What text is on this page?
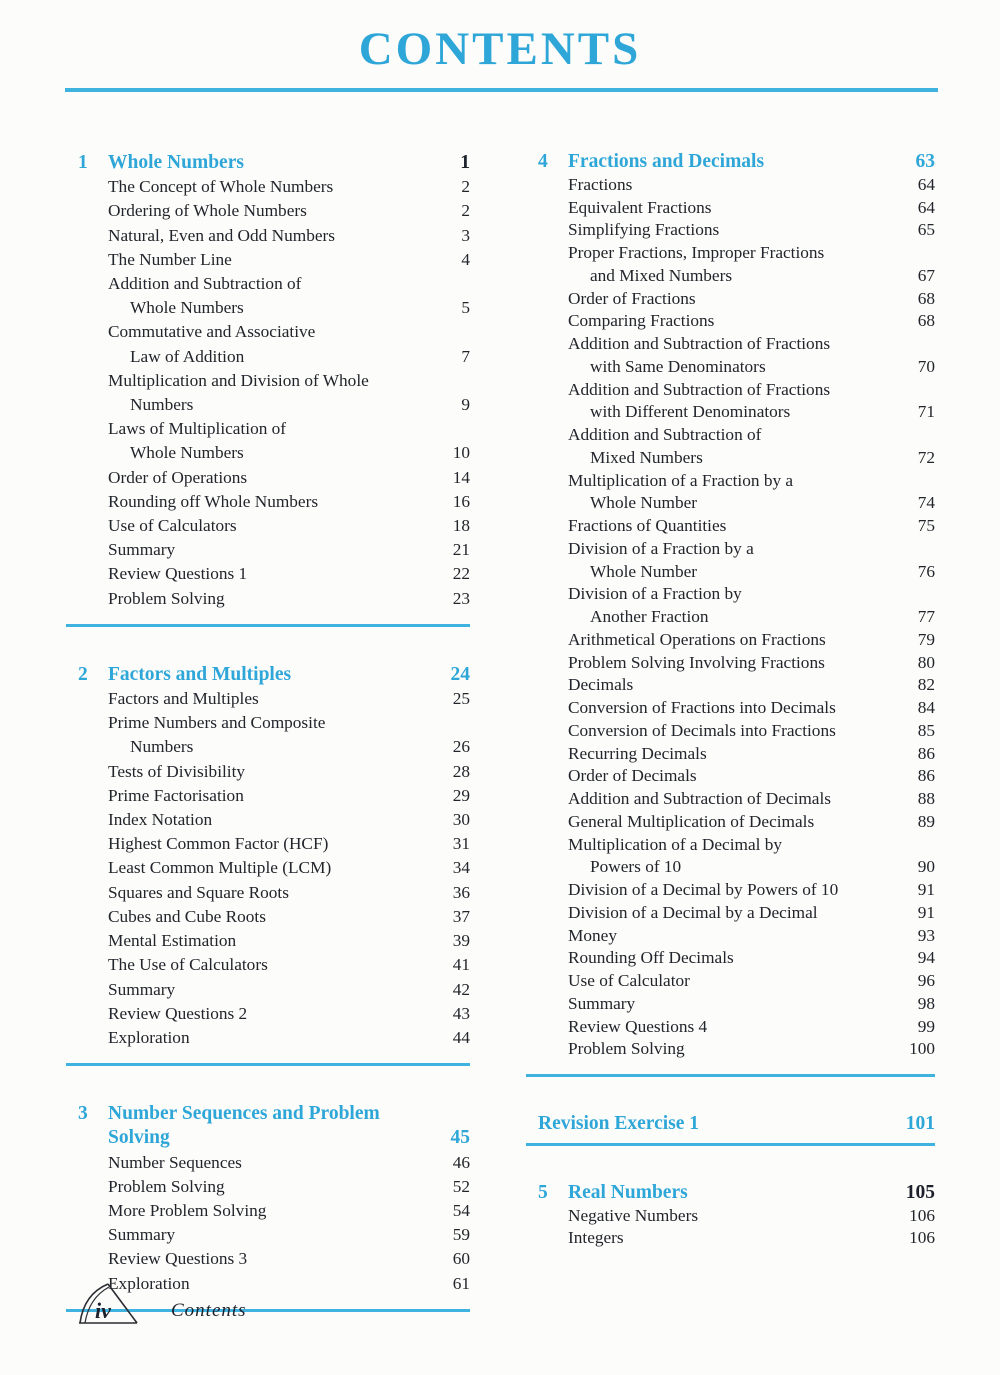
CONTENTS
1 Whole Numbers	1
The Concept of Whole Numbers	2
Ordering of Whole Numbers	2
Natural, Even and Odd Numbers	3
The Number Line	4
Addition and Subtraction of
Whole Numbers	5
Commutative and Associative
Law of Addition	7
Multiplication and Division of Whole
Numbers	9
Laws of Multiplication of
Whole Numbers	10
Order of Operations	14
Rounding off Whole Numbers	16
Use of Calculators	18
Summary	21
Review Questions 1	22
Problem Solving	23
2 Factors and Multiples	24
Factors and Multiples	25
Prime Numbers and Composite
Numbers	26
Tests of Divisibility	28
Prime Factorisation	29
Index Notation	30
Highest Common Factor (HCF)	31
Least Common Multiple (LCM)	34
Squares and Square Roots	36
Cubes and Cube Roots	37
Mental Estimation	39
The Use of Calculators	41
Summary	42
Review Questions 2	43
Exploration	44
3 Number Sequences and Problem
Solving	45
Number Sequences	46
Problem Solving	52
More Problem Solving	54
Summary	59
Review Questions 3	60
Exploration	61
4 Fractions and Decimals	63
Fractions	64
Equivalent Fractions	64
Simplifying Fractions	65
Proper Fractions, Improper Fractions
and Mixed Numbers	67
Order of Fractions	68
Comparing Fractions	68
Addition and Subtraction of Fractions
with Same Denominators	70
Addition and Subtraction of Fractions
with Different Denominators	71
Addition and Subtraction of
Mixed Numbers	72
Multiplication of a Fraction by a
Whole Number	74
Fractions of Quantities	75
Division of a Fraction by a
Whole Number	76
Division of a Fraction by
Another Fraction	77
Arithmetical Operations on Fractions	79
Problem Solving Involving Fractions	80
Decimals	82
Conversion of Fractions into Decimals	84
Conversion of Decimals into Fractions	85
Recurring Decimals	86
Order of Decimals	86
Addition and Subtraction of Decimals	88
General Multiplication of Decimals	89
Multiplication of a Decimal by
Powers of 10	90
Division of a Decimal by Powers of 10	91
Division of a Decimal by a Decimal	91
Money	93
Rounding Off Decimals	94
Use of Calculator	96
Summary	98
Review Questions 4	99
Problem Solving	100
Revision Exercise 1	101
5 Real Numbers	105
Negative Numbers	106
Integers	106
iv	Contents
